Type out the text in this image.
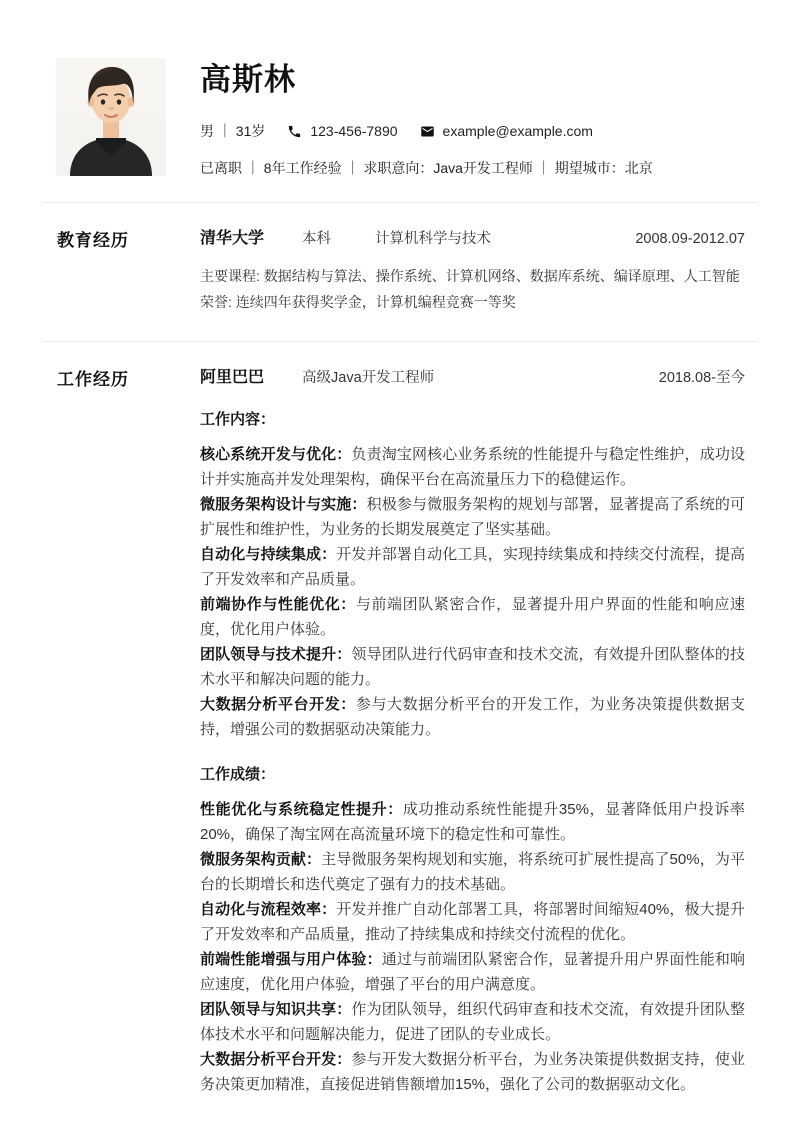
高斯林
男 ｜ 31岁	123-456-7890	example@example.com
已离职 ｜ 8年工作经验 ｜ 求职意向：Java开发工程师 ｜ 期望城市：北京
教育经历	清华大学	本科	计算机科学与技术	2008.09-2012.07
主要课程: 数据结构与算法、操作系统、计算机网络、数据库系统、编译原理、人工智能
荣誉: 连续四年获得奖学金，计算机编程竞赛一等奖
工作经历	阿里巴巴	高级Java开发工程师	2018.08-至今
工作内容：

核心系统开发与优化：负责淘宝网核心业务系统的性能提升与稳定性维护，成功设计并实施高并发处理架构，确保平台在高流量压力下的稳健运作。

微服务架构设计与实施：积极参与微服务架构的规划与部署，显著提高了系统的可扩展性和维护性，为业务的长期发展奠定了坚实基础。

自动化与持续集成：开发并部署自动化工具，实现持续集成和持续交付流程，提高了开发效率和产品质量。

前端协作与性能优化：与前端团队紧密合作，显著提升用户界面的性能和响应速度，优化用户体验。

团队领导与技术提升：领导团队进行代码审查和技术交流，有效提升团队整体的技术水平和解决问题的能力。

大数据分析平台开发：参与大数据分析平台的开发工作，为业务决策提供数据支持，增强公司的数据驱动决策能力。

工作成绩：

性能优化与系统稳定性提升：成功推动系统性能提升35%，显著降低用户投诉率20%，确保了淘宝网在高流量环境下的稳定性和可靠性。

微服务架构贡献：主导微服务架构规划和实施，将系统可扩展性提高了50%，为平台的长期增长和迭代奠定了强有力的技术基础。

自动化与流程效率：开发并推广自动化部署工具，将部署时间缩短40%，极大提升了开发效率和产品质量，推动了持续集成和持续交付流程的优化。

前端性能增强与用户体验：通过与前端团队紧密合作，显著提升用户界面性能和响应速度，优化用户体验，增强了平台的用户满意度。

团队领导与知识共享：作为团队领导，组织代码审查和技术交流，有效提升团队整体技术水平和问题解决能力，促进了团队的专业成长。

大数据分析平台开发：参与开发大数据分析平台，为业务决策提供数据支持，使业务决策更加精准，直接促进销售额增加15%，强化了公司的数据驱动文化。
